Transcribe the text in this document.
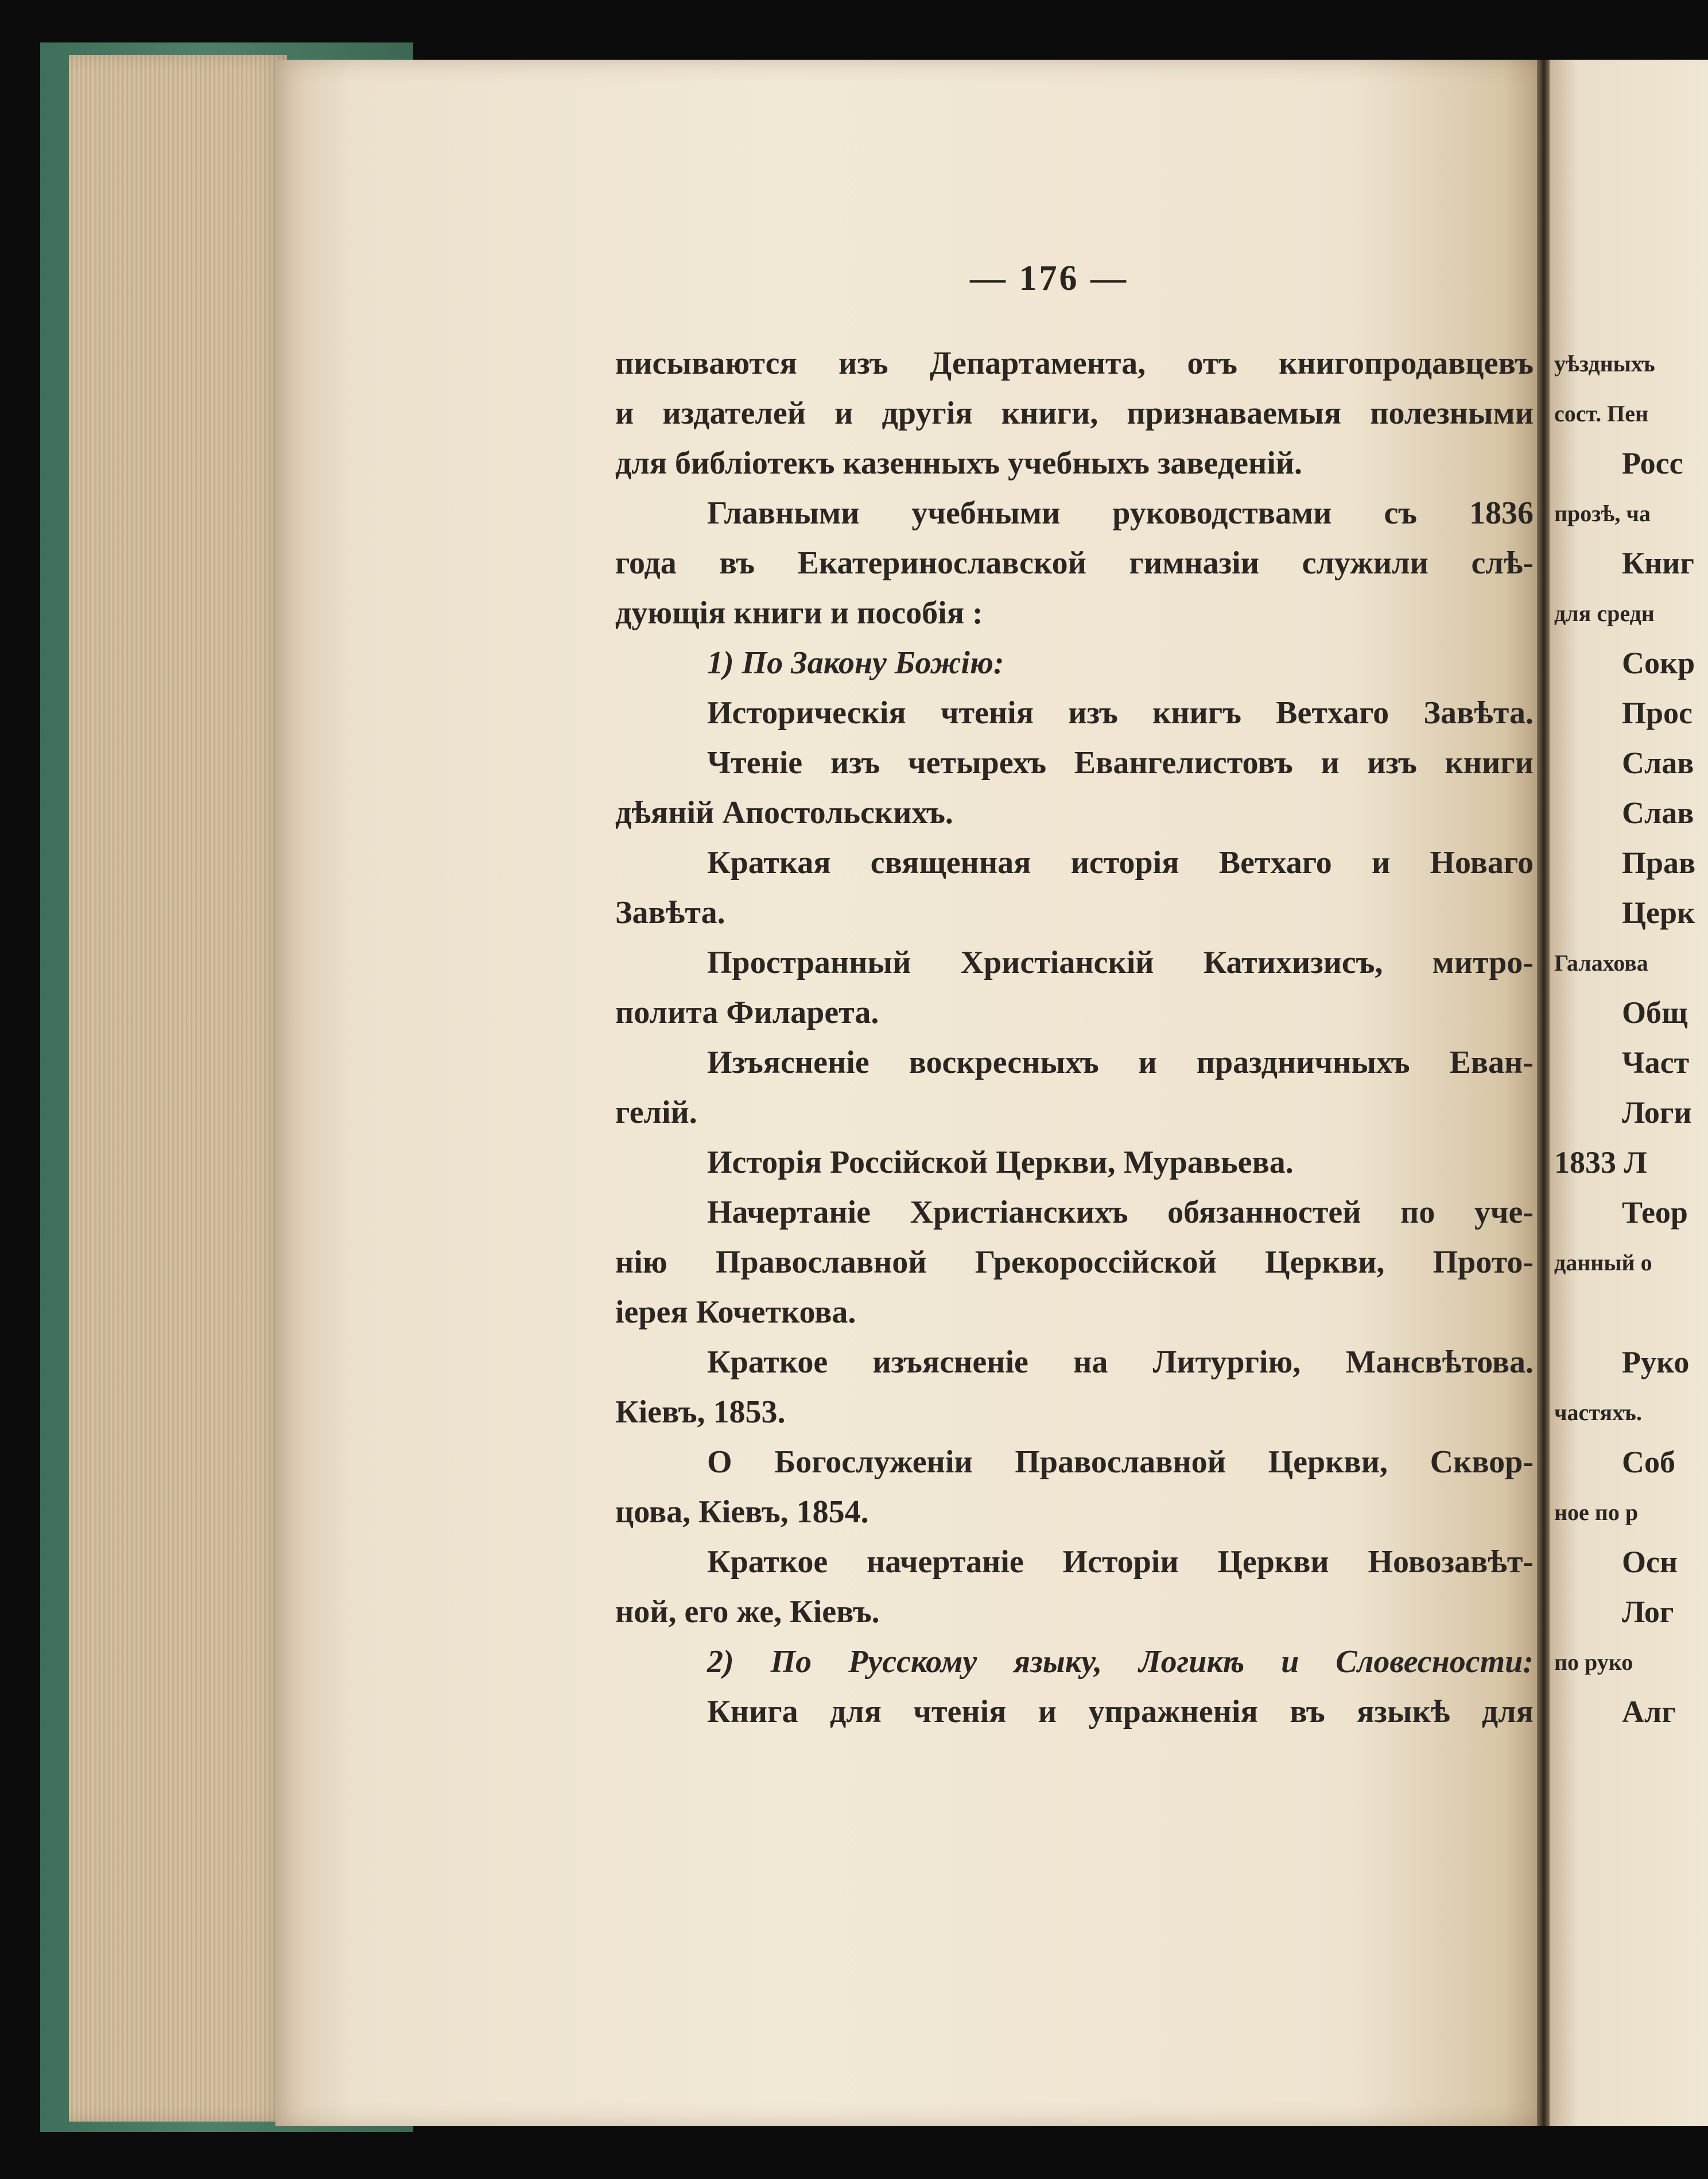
— 176 —
писываются изъ Департамента, отъ книгопродавцевъ
и издателей и другія книги, признаваемыя полезными
для библіотекъ казенныхъ учебныхъ заведеній.
Главными учебными руководствами съ 1836
года въ Екатеринославской гимназіи служили слѣ-
дующія книги и пособія :
1) По Закону Божію:
Историческія чтенія изъ книгъ Ветхаго Завѣта.
Чтеніе изъ четырехъ Евангелистовъ и изъ книги
дѣяній Апостольскихъ.
Краткая священная исторія Ветхаго и Новаго
Завѣта.
Пространный Христіанскій Катихизисъ, митро-
полита Филарета.
Изъясненіе воскресныхъ и праздничныхъ Еван-
гелій.
Исторія Россійской Церкви, Муравьева.
Начертаніе Христіанскихъ обязанностей по уче-
нію Православной Грекороссійской Церкви, Прото-
іерея Кочеткова.
Краткое изъясненіе на Литургію, Мансвѣтова.
Кіевъ, 1853.
О Богослуженіи Православной Церкви, Сквор-
цова, Кіевъ, 1854.
Краткое начертаніе Исторіи Церкви Новозавѣт-
ной, его же, Кіевъ.
2) По Русскому языку, Логикѣ и Словесности:
Книга для чтенія и упражненія въ языкѣ для
уѣздныхъ
сост. Пен
Росс
прозѣ, ча
Книг
для средн
Сокр
Прос
Слав
Слав
Прав
Церк
Галахова
Общ
Част
Логи
1833 Л
Теор
данный о
Руко
частяхъ.
Соб
ное по р
Осн
Лог
по руко
Алг
